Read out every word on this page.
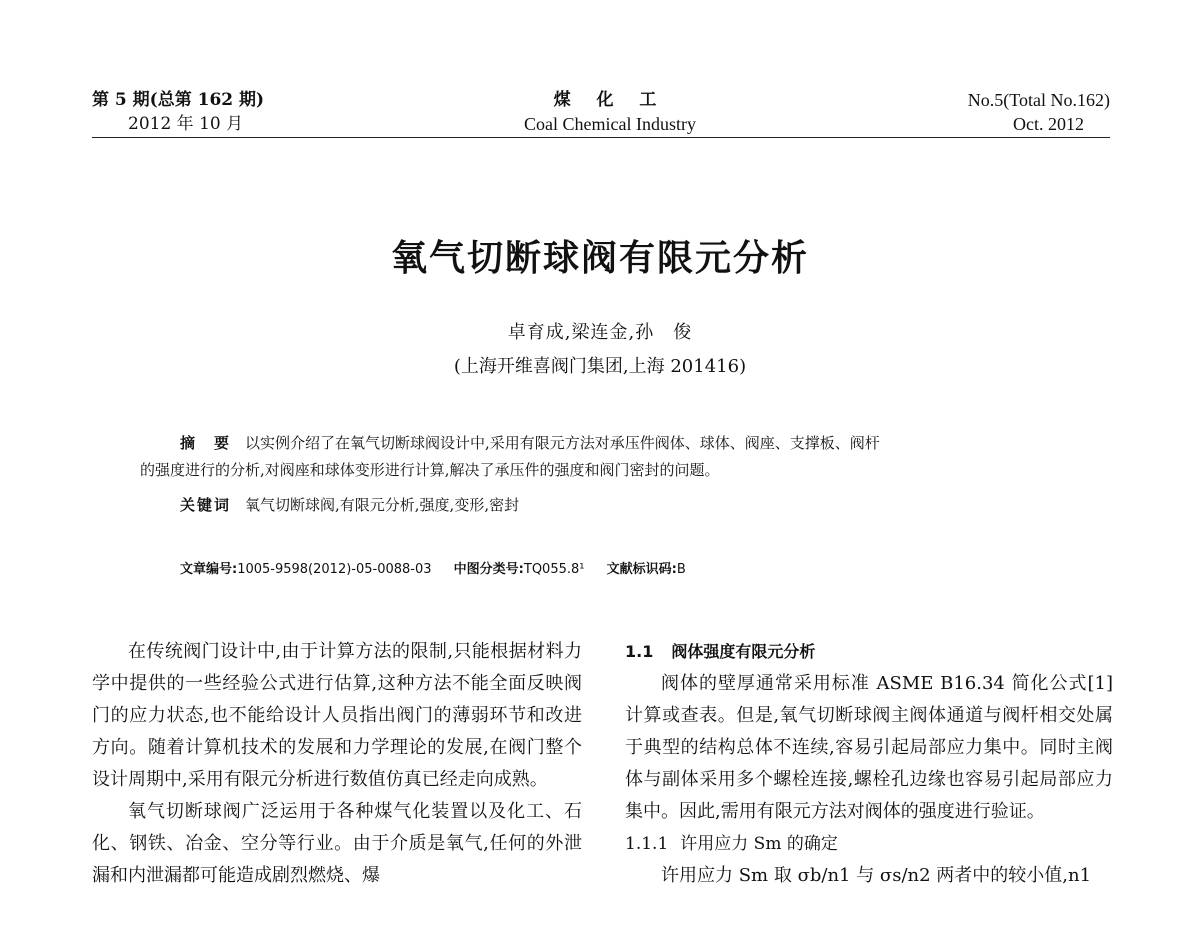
第 5 期(总第 162 期)
2012 年 10 月
煤 化 工
Coal Chemical Industry
No.5(Total No.162)
Oct. 2012
氧气切断球阀有限元分析
卓育成,梁连金,孙　俊
(上海开维喜阀门集团,上海 201416)
摘　要 以实例介绍了在氧气切断球阀设计中,采用有限元方法对承压件阀体、球体、阀座、支撑板、阀杆
的强度进行的分析,对阀座和球体变形进行计算,解决了承压件的强度和阀门密封的问题。
关键词 氧气切断球阀,有限元分析,强度,变形,密封
文章编号:1005-9598(2012)-05-0088-03 中图分类号:TQ055.8¹ 文献标识码:B

在传统阀门设计中,由于计算方法的限制,只能根据材料力学中提供的一些经验公式进行估算,这种方法不能全面反映阀门的应力状态,也不能给设计人员指出阀门的薄弱环节和改进方向。随着计算机技术的发展和力学理论的发展,在阀门整个设计周期中,采用有限元分析进行数值仿真已经走向成熟。

氧气切断球阀广泛运用于各种煤气化装置以及化工、石化、钢铁、冶金、空分等行业。由于介质是氧气,任何的外泄漏和内泄漏都可能造成剧烈燃烧、爆

1.1 阀体强度有限元分析

阀体的壁厚通常采用标准 ASME B16.34 简化公式[1]计算或查表。但是,氧气切断球阀主阀体通道与阀杆相交处属于典型的结构总体不连续,容易引起局部应力集中。同时主阀体与副体采用多个螺栓连接,螺栓孔边缘也容易引起局部应力集中。因此,需用有限元方法对阀体的强度进行验证。

1.1.1 许用应力 Sm 的确定

许用应力 Sm 取 σb/n1 与 σs/n2 两者中的较小值,n1
